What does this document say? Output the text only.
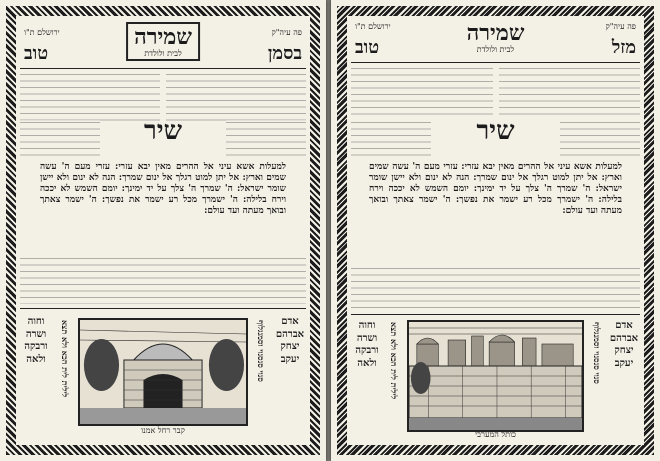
פה עיה"ק
ירושלם ת"ו	שמירה
לבית ולולדת	בסמן
טוב
שיר
למעלות אשא עיני אל ההרים מאין יבא עזרי: עזרי מעם ה' עשה שמים וארץ: אל יתן למוט רגלך אל ינום שמרך: הנה לא ינום ולא יישן שומר ישראל: ה' שמרך ה' צלך על יד ימינך: יומם השמש לא יככה וירח בלילה: ה' ישמרך מכל רע ישמר את נפשך: ה' ישמר צאתך ובואך מעתה ועד עולם:
אדם
אברהם
יצחק
יעקב
וחוה
ושרה
ורבקה
ולאה	סנוי סנסנוי וסמנגלוף
לילית לית הכא ולא תצא
קבר רחל אמנו
פה עיה"ק
ירושלם ת"ו	שמירה
לבית ולולדת	מזל
טוב
שיר
למעלות אשא עיני אל ההרים מאין יבא עזרי: עזרי מעם ה' עשה שמים וארץ: אל יתן למוט רגלך אל ינום שמרך: הנה לא ינום ולא יישן שומר ישראל: ה' שמרך ה' צלך על יד ימינך: יומם השמש לא יככה וירח בלילה: ה' ישמרך מכל רע ישמר את נפשך: ה' ישמר צאתך ובואך מעתה ועד עולם:
אדם
אברהם
יצחק
יעקב
וחוה
ושרה
ורבקה
ולאה	סנוי סנסנוי וסמנגלוף
לילית לית הכא ולא תצא
כותל המערבי
